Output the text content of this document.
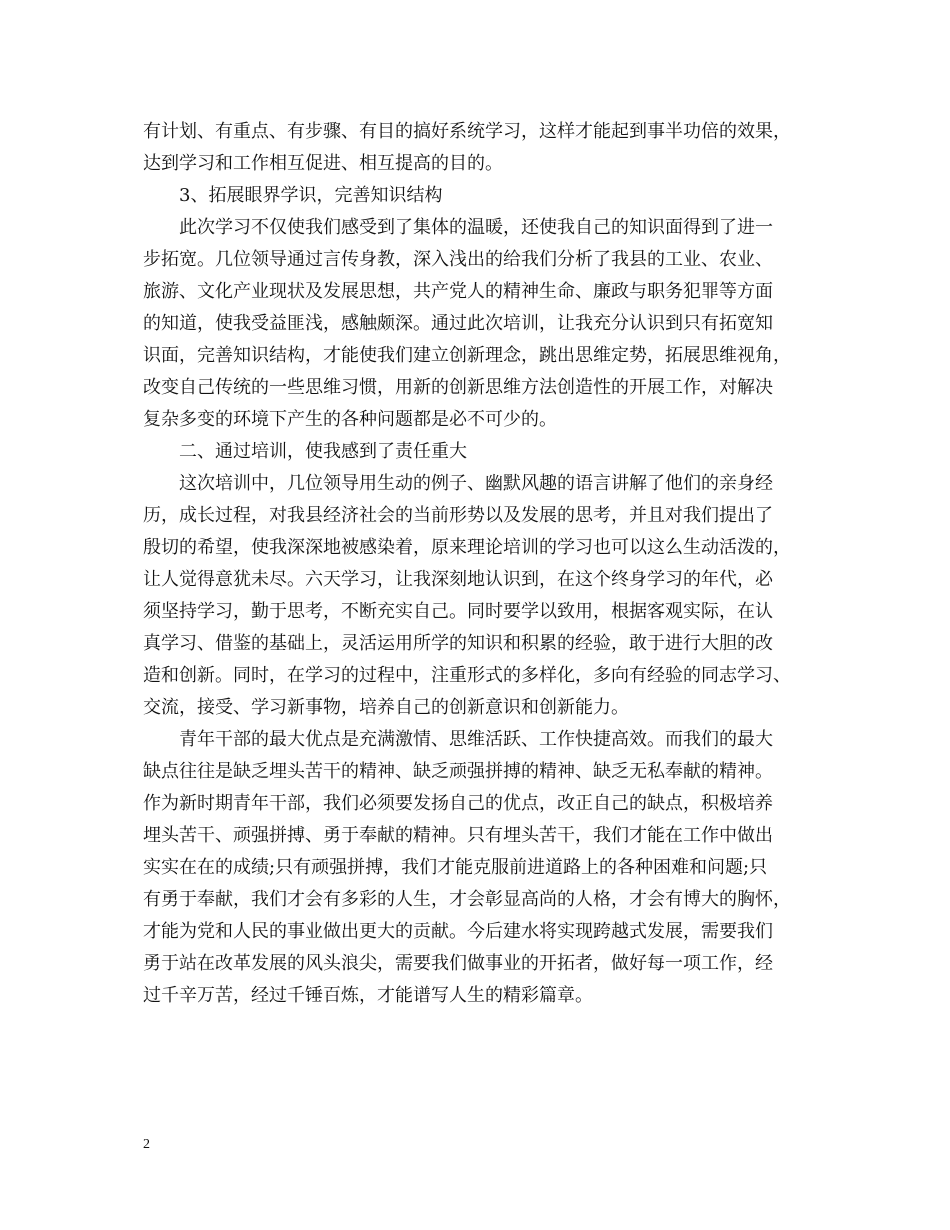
有计划、有重点、有步骤、有目的搞好系统学习，这样才能起到事半功倍的效果，
达到学习和工作相互促进、相互提高的目的。
3、拓展眼界学识，完善知识结构
此次学习不仅使我们感受到了集体的温暖，还使我自己的知识面得到了进一
步拓宽。几位领导通过言传身教，深入浅出的给我们分析了我县的工业、农业、
旅游、文化产业现状及发展思想，共产党人的精神生命、廉政与职务犯罪等方面
的知道，使我受益匪浅，感触颇深。通过此次培训，让我充分认识到只有拓宽知
识面，完善知识结构，才能使我们建立创新理念，跳出思维定势，拓展思维视角，
改变自己传统的一些思维习惯，用新的创新思维方法创造性的开展工作，对解决
复杂多变的环境下产生的各种问题都是必不可少的。
二、通过培训，使我感到了责任重大
这次培训中，几位领导用生动的例子、幽默风趣的语言讲解了他们的亲身经
历，成长过程，对我县经济社会的当前形势以及发展的思考，并且对我们提出了
殷切的希望，使我深深地被感染着，原来理论培训的学习也可以这么生动活泼的，
让人觉得意犹未尽。六天学习，让我深刻地认识到，在这个终身学习的年代，必
须坚持学习，勤于思考，不断充实自己。同时要学以致用，根据客观实际，在认
真学习、借鉴的基础上，灵活运用所学的知识和积累的经验，敢于进行大胆的改
造和创新。同时，在学习的过程中，注重形式的多样化，多向有经验的同志学习、
交流，接受、学习新事物，培养自己的创新意识和创新能力。
青年干部的最大优点是充满激情、思维活跃、工作快捷高效。而我们的最大
缺点往往是缺乏埋头苦干的精神、缺乏顽强拼搏的精神、缺乏无私奉献的精神。
作为新时期青年干部，我们必须要发扬自己的优点，改正自己的缺点，积极培养
埋头苦干、顽强拼搏、勇于奉献的精神。只有埋头苦干，我们才能在工作中做出
实实在在的成绩;只有顽强拼搏，我们才能克服前进道路上的各种困难和问题;只
有勇于奉献，我们才会有多彩的人生，才会彰显高尚的人格，才会有博大的胸怀，
才能为党和人民的事业做出更大的贡献。今后建水将实现跨越式发展，需要我们
勇于站在改革发展的风头浪尖，需要我们做事业的开拓者，做好每一项工作，经
过千辛万苦，经过千锤百炼，才能谱写人生的精彩篇章。
2
